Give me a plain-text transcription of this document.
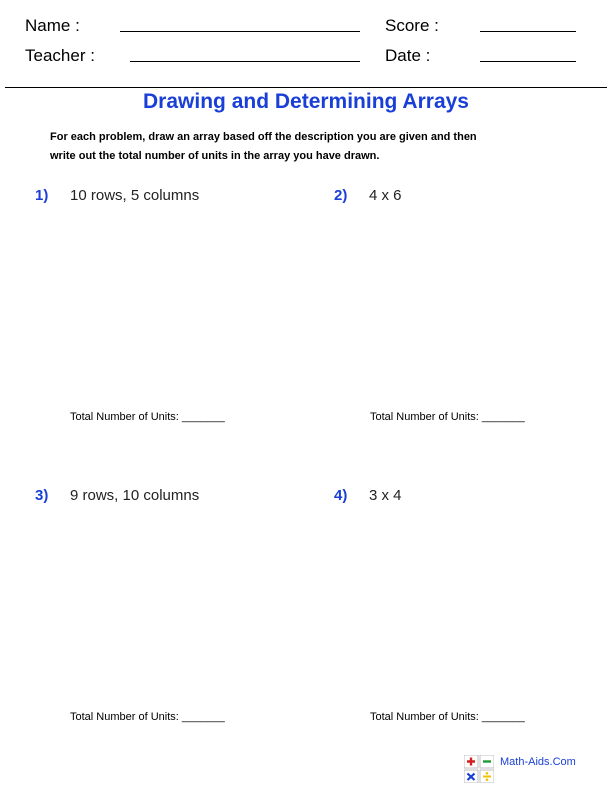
Name :	Score :
Teacher :	Date :
Drawing and Determining Arrays
For each problem, draw an array based off the description you are given and then
write out the total number of units in the array you have drawn.
1) 10 rows, 5 columns
Total Number of Units: _______
2) 4 x 6
Total Number of Units: _______
3) 9 rows, 10 columns
Total Number of Units: _______
4) 3 x 4
Total Number of Units: _______
Math-Aids.Com
